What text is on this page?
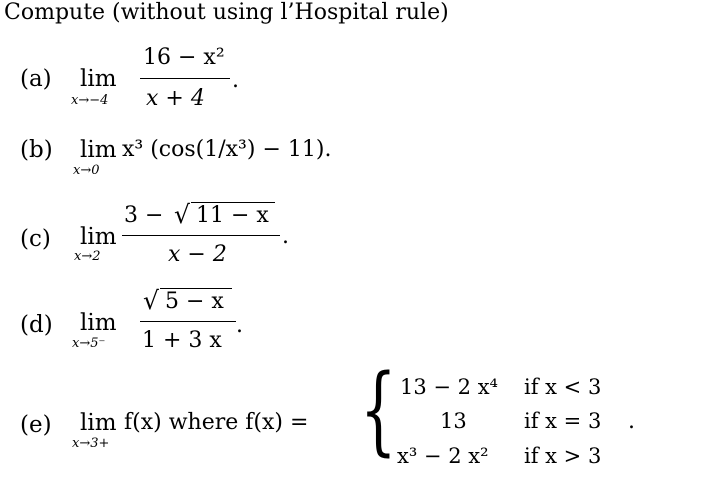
Compute (without using l’Hospital rule)
(a) lim
x→−4
16 − x²
x + 4
.
(b) lim
x→0
x³ (cos(1/x³) − 11).
(c) lim
x→2
3 − √ 11 − x
x − 2
.
(d) lim
x→5⁻
√ 5 − x
1 + 3 x
.
(e) lim
x→3+
f(x) where f(x) = { 13 − 2 x⁴ if x < 3
13	if x = 3
x³ − 2 x² if x > 3
.
